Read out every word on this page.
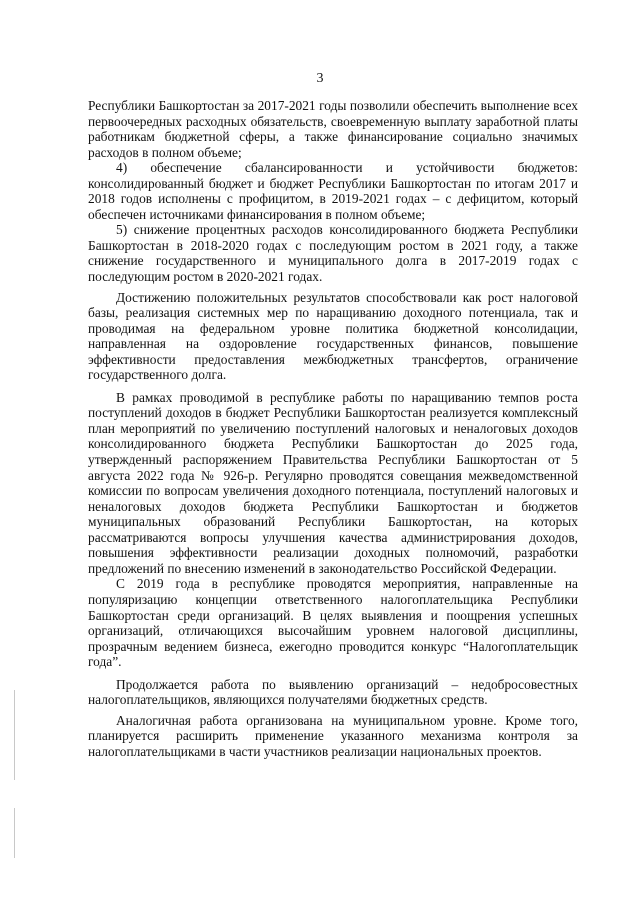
3

Республики Башкортостан за 2017-2021 годы позволили обеспечить выполнение всех первоочередных расходных обязательств, своевременную выплату заработной платы работникам бюджетной сферы, а также финансирование социально значимых расходов в полном объеме;

4) обеспечение сбалансированности и устойчивости бюджетов: консолидированный бюджет и бюджет Республики Башкортостан по итогам 2017 и 2018 годов исполнены с профицитом, в 2019-2021 годах – с дефицитом, который обеспечен источниками финансирования в полном объеме;

5) снижение процентных расходов консолидированного бюджета Республики Башкортостан в 2018-2020 годах с последующим ростом в 2021 году, а также снижение государственного и муниципального долга в 2017-2019 годах с последующим ростом в 2020-2021 годах.

Достижению положительных результатов способствовали как рост налоговой базы, реализация системных мер по наращиванию доходного потенциала, так и проводимая на федеральном уровне политика бюджетной консолидации, направленная на оздоровление государственных финансов, повышение эффективности предоставления межбюджетных трансфертов, ограничение государственного долга.

В рамках проводимой в республике работы по наращиванию темпов роста поступлений доходов в бюджет Республики Башкортостан реализуется комплексный план мероприятий по увеличению поступлений налоговых и неналоговых доходов консолидированного бюджета Республики Башкортостан до 2025 года, утвержденный распоряжением Правительства Республики Башкортостан от 5 августа 2022 года № 926-р. Регулярно проводятся совещания межведомственной комиссии по вопросам увеличения доходного потенциала, поступлений налоговых и неналоговых доходов бюджета Республики Башкортостан и бюджетов муниципальных образований Республики Башкортостан, на которых рассматриваются вопросы улучшения качества администрирования доходов, повышения эффективности реализации доходных полномочий, разработки предложений по внесению изменений в законодательство Российской Федерации.

С 2019 года в республике проводятся мероприятия, направленные на популяризацию концепции ответственного налогоплательщика Республики Башкортостан среди организаций. В целях выявления и поощрения успешных организаций, отличающихся высочайшим уровнем налоговой дисциплины, прозрачным ведением бизнеса, ежегодно проводится конкурс “Налогоплательщик года”.

Продолжается работа по выявлению организаций – недобросовестных налогоплательщиков, являющихся получателями бюджетных средств.

Аналогичная работа организована на муниципальном уровне. Кроме того, планируется расширить применение указанного механизма контроля за налогоплательщиками в части участников реализации национальных проектов.
